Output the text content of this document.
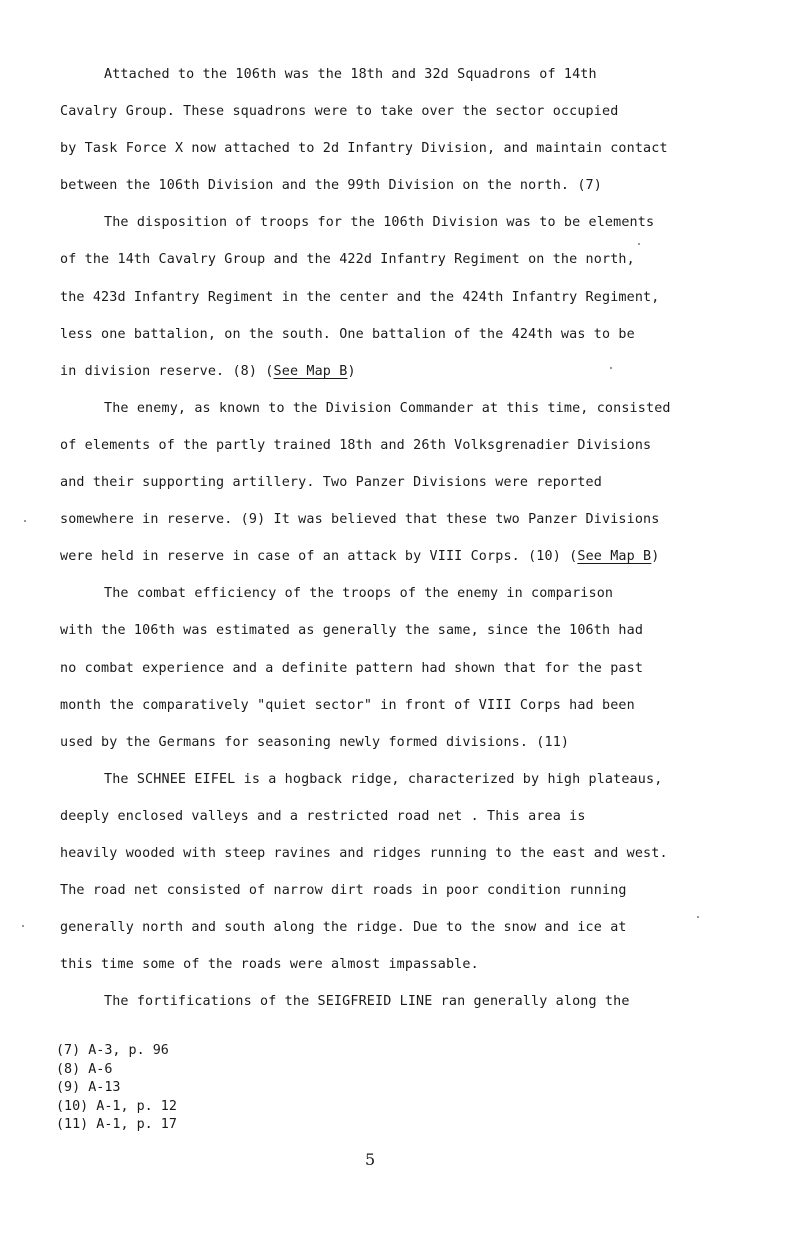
Attached to the 106th was the 18th and 32d Squadrons of 14th
Cavalry Group. These squadrons were to take over the sector occupied
by Task Force X now attached to 2d Infantry Division, and maintain contact
between the 106th Division and the 99th Division on the north. (7)
The disposition of troops for the 106th Division was to be elements
of the 14th Cavalry Group and the 422d Infantry Regiment on the north,
the 423d Infantry Regiment in the center and the 424th Infantry Regiment,
less one battalion, on the south. One battalion of the 424th was to be
in division reserve. (8) (See Map B)
The enemy, as known to the Division Commander at this time, consisted
of elements of the partly trained 18th and 26th Volksgrenadier Divisions
and their supporting artillery. Two Panzer Divisions were reported
somewhere in reserve. (9) It was believed that these two Panzer Divisions
were held in reserve in case of an attack by VIII Corps. (10) (See Map B)
The combat efficiency of the troops of the enemy in comparison
with the 106th was estimated as generally the same, since the 106th had
no combat experience and a definite pattern had shown that for the past
month the comparatively "quiet sector" in front of VIII Corps had been
used by the Germans for seasoning newly formed divisions. (11)
The SCHNEE EIFEL is a hogback ridge, characterized by high plateaus,
deeply enclosed valleys and a restricted road net . This area is
heavily wooded with steep ravines and ridges running to the east and west.
The road net consisted of narrow dirt roads in poor condition running
generally north and south along the ridge. Due to the snow and ice at
this time some of the roads were almost impassable.
The fortifications of the SEIGFREID LINE ran generally along the
(7) A-3, p. 96
(8) A-6
(9) A-13
(10) A-1, p. 12
(11) A-1, p. 17
5
